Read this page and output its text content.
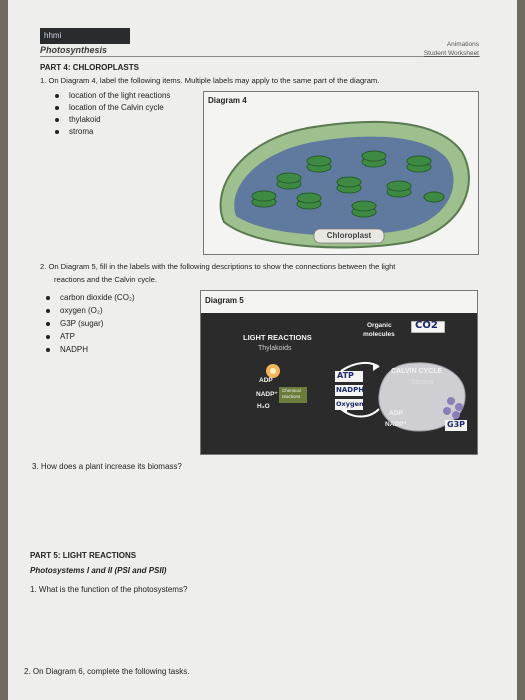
hhmi
Photosynthesis
Animations
Student Worksheet
PART 4: CHLOROPLASTS
1. On Diagram 4, label the following items. Multiple labels may apply to the same part of the diagram.
location of the light reactions
location of the Calvin cycle
thylakoid
stroma
Diagram 4
Chloroplast
2. On Diagram 5, fill in the labels with the following descriptions to show the connections between the light
reactions and the Calvin cycle.
carbon dioxide (CO₂)
oxygen (O₂)
G3P (sugar)
ATP
NADPH
Diagram 5
LIGHT REACTIONS
Thylakoids
Organic
molecules
CO2
ADP
NADP⁺
H₂O
Chemical
reactions
ATP
NADPH
Oxygen
CALVIN CYCLE
Stroma
ADP
NADP⁺	G3P
3. How does a plant increase its biomass?
PART 5: LIGHT REACTIONS
Photosystems I and II (PSI and PSII)
1. What is the function of the photosystems?
2. On Diagram 6, complete the following tasks.
